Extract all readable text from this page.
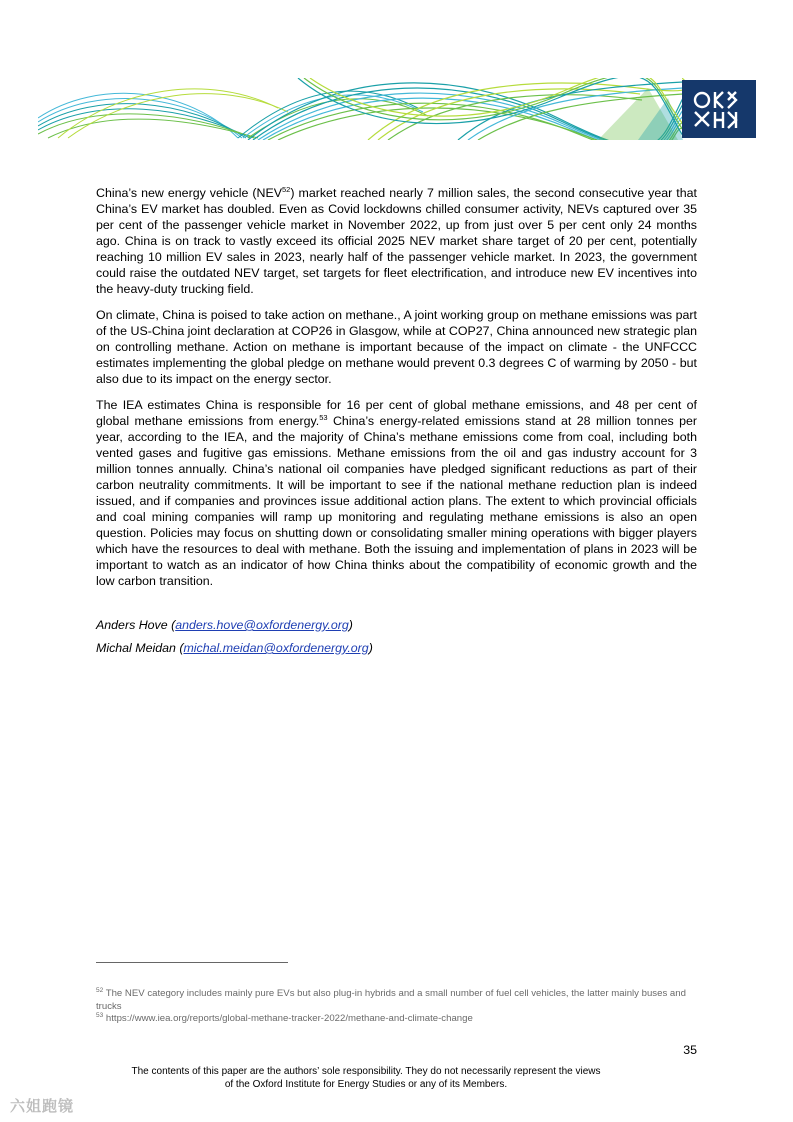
China’s new energy vehicle (NEV$^{52}$) market reached nearly 7 million sales, the second consecutive year that China’s EV market has doubled. Even as Covid lockdowns chilled consumer activity, NEVs captured over 35 per cent of the passenger vehicle market in November 2022, up from just over 5 per cent only 24 months ago. China is on track to vastly exceed its official 2025 NEV market share target of 20 per cent, potentially reaching 10 million EV sales in 2023, nearly half of the passenger vehicle market. In 2023, the government could raise the outdated NEV target, set targets for fleet electrification, and introduce new EV incentives into the heavy-duty trucking field.

On climate, China is poised to take action on methane., A joint working group on methane emissions was part of the US-China joint declaration at COP26 in Glasgow, while at COP27, China announced new strategic plan on controlling methane. Action on methane is important because of the impact on climate - the UNFCCC estimates implementing the global pledge on methane would prevent 0.3 degrees C of warming by 2050 - but also due to its impact on the energy sector.

The IEA estimates China is responsible for 16 per cent of global methane emissions, and 48 per cent of global methane emissions from energy.$^{53}$ China’s energy-related emissions stand at 28 million tonnes per year, according to the IEA, and the majority of China’s methane emissions come from coal, including both vented gases and fugitive gas emissions. Methane emissions from the oil and gas industry account for 3 million tonnes annually. China’s national oil companies have pledged significant reductions as part of their carbon neutrality commitments. It will be important to see if the national methane reduction plan is indeed issued, and if companies and provinces issue additional action plans. The extent to which provincial officials and coal mining companies will ramp up monitoring and regulating methane emissions is also an open question. Policies may focus on shutting down or consolidating smaller mining operations with bigger players which have the resources to deal with methane. Both the issuing and implementation of plans in 2023 will be important to watch as an indicator of how China thinks about the compatibility of economic growth and the low carbon transition.

Anders Hove (anders.hove@oxfordenergy.org)
Michal Meidan (michal.meidan@oxfordenergy.org)
$^{52}$ The NEV category includes mainly pure EVs but also plug-in hybrids and a small number of fuel cell vehicles, the latter mainly buses and trucks
$^{53}$ https://www.iea.org/reports/global-methane-tracker-2022/methane-and-climate-change
35
The contents of this paper are the authors’ sole responsibility. They do not necessarily represent the views
of the Oxford Institute for Energy Studies or any of its Members.
六姐跑镜
